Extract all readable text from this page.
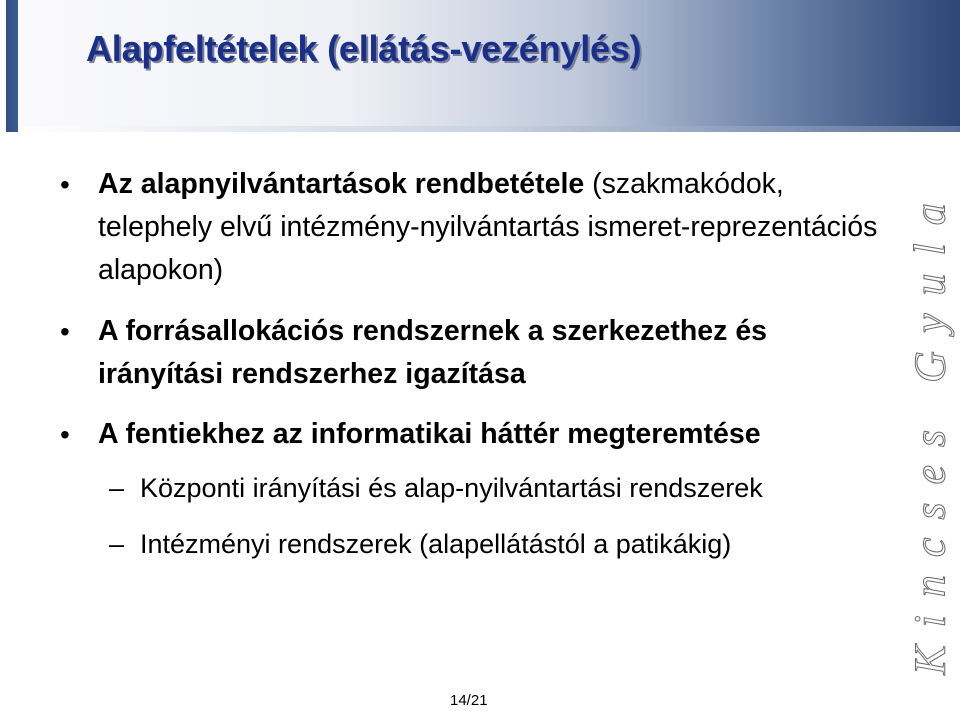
Alapfeltételek (ellátás-vezénylés)
• Az alapnyilvántartások rendbetétele (szakmakódok, telephely elvű intézmény-nyilvántartás ismeret-reprezentációs alapokon)
• A forrásallokációs rendszernek a szerkezethez és irányítási rendszerhez igazítása
• A fentiekhez az informatikai háttér megteremtése
– Központi irányítási és alap-nyilvántartási rendszerek
– Intézményi rendszerek (alapellátástól a patikákig)
14/21
Kincses Gyula
